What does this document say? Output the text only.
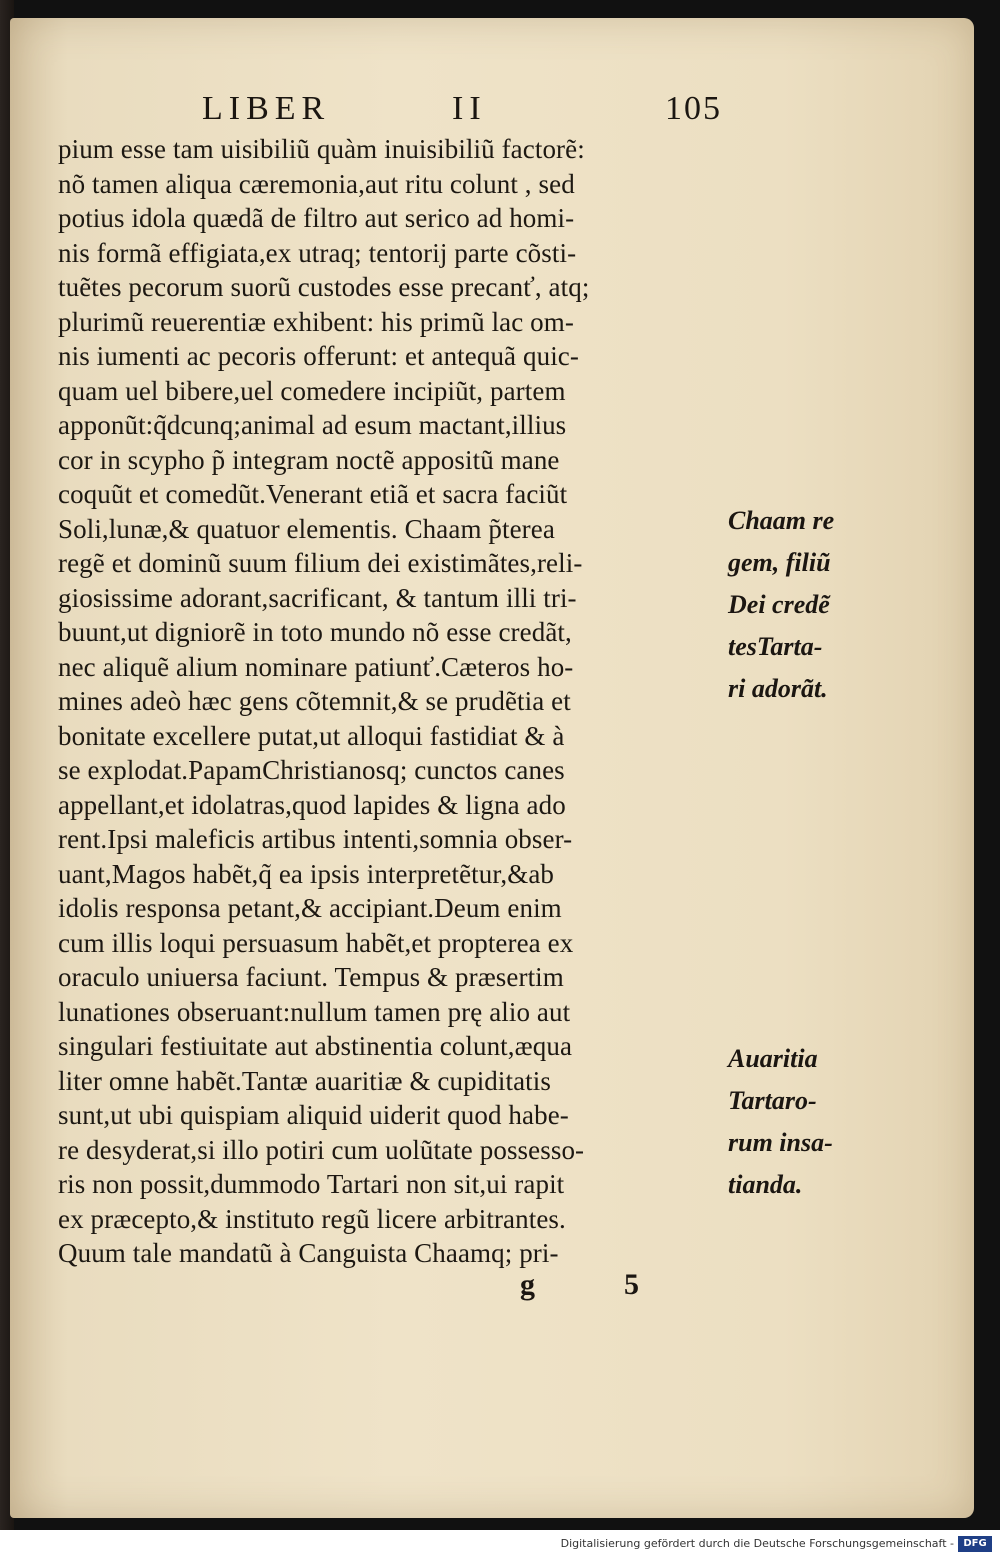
LIBER	II	105
pium esse tam uisibiliũ quàm inuisibiliũ factorẽ:
nõ tamen aliqua cæremonia,aut ritu colunt , sed
potius idola quædã de filtro aut serico ad homi-
nis formã effigiata,ex utraq; tentorij parte cõsti-
tuẽtes pecorum suorũ custodes esse precanť, atq;
plurimũ reuerentiæ exhibent: his primũ lac om-
nis iumenti ac pecoris offerunt: et antequã quic-
quam uel bibere,uel comedere incipiũt, partem
apponũt:q̃dcunq;animal ad esum mactant,illius
cor in scypho p̃ integram noctẽ appositũ mane
coquũt et comedũt.Venerant etiã et sacra faciũt
Soli,lunæ,& quatuor elementis. Chaam p̃terea
regẽ et dominũ suum filium dei existimãtes,reli-
giosissime adorant,sacrificant, & tantum illi tri-
buunt,ut digniorẽ in toto mundo nõ esse credãt,
nec aliquẽ alium nominare patiunť.Cæteros ho-
mines adeò hæc gens cõtemnit,& se prudẽtia et
bonitate excellere putat,ut alloqui fastidiat & à
se explodat.PapamChristianosq; cunctos canes
appellant,et idolatras,quod lapides & ligna ado
rent.Ipsi maleficis artibus intenti,somnia obser-
uant,Magos habẽt,q̃ ea ipsis interpretẽtur,&ab
idolis responsa petant,& accipiant.Deum enim
cum illis loqui persuasum habẽt,et propterea ex
oraculo uniuersa faciunt. Tempus & præsertim
lunationes obseruant:nullum tamen prę alio aut
singulari festiuitate aut abstinentia colunt,æqua
liter omne habẽt.Tantæ auaritiæ & cupiditatis
sunt,ut ubi quispiam aliquid uiderit quod habe-
re desyderat,si illo potiri cum uolũtate possesso-
ris non possit,dummodo Tartari non sit,ui rapit
ex præcepto,& instituto regũ licere arbitrantes.
Quum tale mandatũ à Canguista Chaamq; pri-
Chaam re
gem, filiũ
Dei credẽ
tesTarta-
ri adorãt.
Auaritia
Tartaro-
rum insa-
tianda.
g	5
Digitalisierung gefördert durch die Deutsche Forschungsgemeinschaft - DFG
